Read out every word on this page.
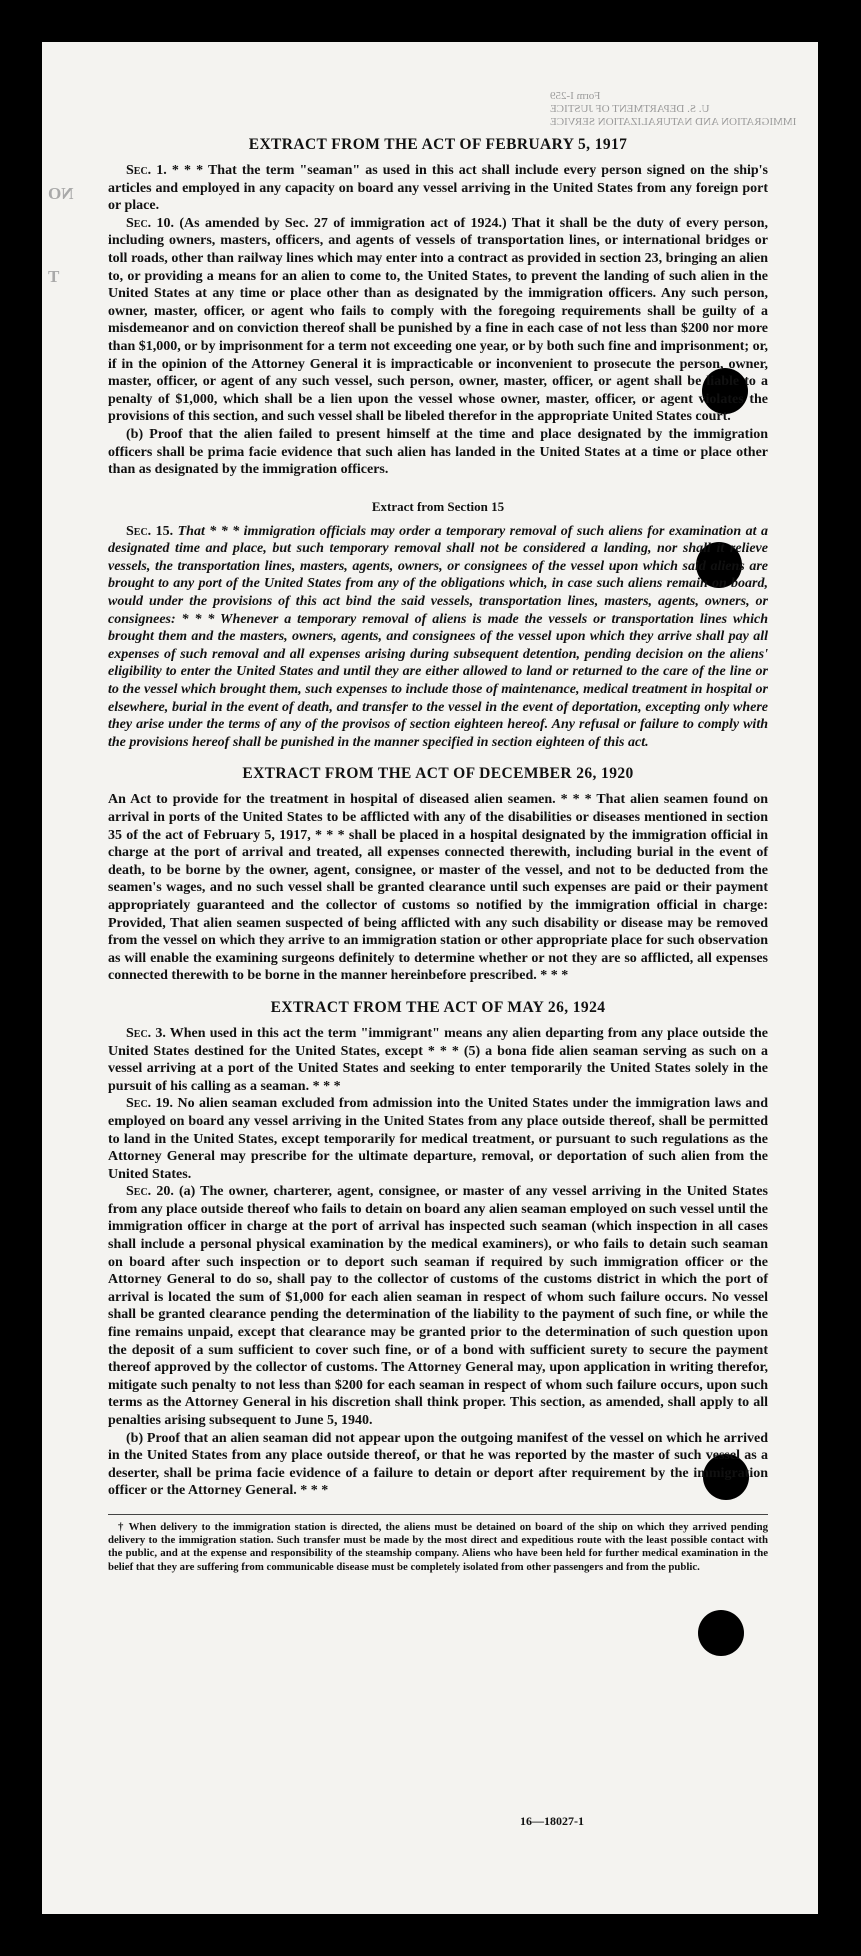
Form I-259
U. S. DEPARTMENT OF JUSTICE
IMMIGRATION AND NATURALIZATION SERVICE
NO
T
EXTRACT FROM THE ACT OF FEBRUARY 5, 1917

Sec. 1. * * * That the term "seaman" as used in this act shall include every person signed on the ship's articles and employed in any capacity on board any vessel arriving in the United States from any foreign port or place.

Sec. 10. (As amended by Sec. 27 of immigration act of 1924.) That it shall be the duty of every person, including owners, masters, officers, and agents of vessels of transportation lines, or international bridges or toll roads, other than railway lines which may enter into a contract as provided in section 23, bringing an alien to, or providing a means for an alien to come to, the United States, to prevent the landing of such alien in the United States at any time or place other than as designated by the immigration officers. Any such person, owner, master, officer, or agent who fails to comply with the foregoing requirements shall be guilty of a misdemeanor and on conviction thereof shall be punished by a fine in each case of not less than $200 nor more than $1,000, or by imprisonment for a term not exceeding one year, or by both such fine and imprisonment; or, if in the opinion of the Attorney General it is impracticable or inconvenient to prosecute the person, owner, master, officer, or agent of any such vessel, such person, owner, master, officer, or agent shall be liable to a penalty of $1,000, which shall be a lien upon the vessel whose owner, master, officer, or agent violates the provisions of this section, and such vessel shall be libeled therefor in the appropriate United States court.

(b) Proof that the alien failed to present himself at the time and place designated by the immigration officers shall be prima facie evidence that such alien has landed in the United States at a time or place other than as designated by the immigration officers.

Extract from Section 15

Sec. 15. That * * * immigration officials may order a temporary removal of such aliens for examination at a designated time and place, but such temporary removal shall not be considered a landing, nor shall it relieve vessels, the transportation lines, masters, agents, owners, or consignees of the vessel upon which said aliens are brought to any port of the United States from any of the obligations which, in case such aliens remain on board, would under the provisions of this act bind the said vessels, transportation lines, masters, agents, owners, or consignees: * * * Whenever a temporary removal of aliens is made the vessels or transportation lines which brought them and the masters, owners, agents, and consignees of the vessel upon which they arrive shall pay all expenses of such removal and all expenses arising during subsequent detention, pending decision on the aliens' eligibility to enter the United States and until they are either allowed to land or returned to the care of the line or to the vessel which brought them, such expenses to include those of maintenance, medical treatment in hospital or elsewhere, burial in the event of death, and transfer to the vessel in the event of deportation, excepting only where they arise under the terms of any of the provisos of section eighteen hereof. Any refusal or failure to comply with the provisions hereof shall be punished in the manner specified in section eighteen of this act.

EXTRACT FROM THE ACT OF DECEMBER 26, 1920

An Act to provide for the treatment in hospital of diseased alien seamen. * * * That alien seamen found on arrival in ports of the United States to be afflicted with any of the disabilities or diseases mentioned in section 35 of the act of February 5, 1917, * * * shall be placed in a hospital designated by the immigration official in charge at the port of arrival and treated, all expenses connected therewith, including burial in the event of death, to be borne by the owner, agent, consignee, or master of the vessel, and not to be deducted from the seamen's wages, and no such vessel shall be granted clearance until such expenses are paid or their payment appropriately guaranteed and the collector of customs so notified by the immigration official in charge: Provided, That alien seamen suspected of being afflicted with any such disability or disease may be removed from the vessel on which they arrive to an immigration station or other appropriate place for such observation as will enable the examining surgeons definitely to determine whether or not they are so afflicted, all expenses connected therewith to be borne in the manner hereinbefore prescribed. * * *

EXTRACT FROM THE ACT OF MAY 26, 1924

Sec. 3. When used in this act the term "immigrant" means any alien departing from any place outside the United States destined for the United States, except * * * (5) a bona fide alien seaman serving as such on a vessel arriving at a port of the United States and seeking to enter temporarily the United States solely in the pursuit of his calling as a seaman. * * *

Sec. 19. No alien seaman excluded from admission into the United States under the immigration laws and employed on board any vessel arriving in the United States from any place outside thereof, shall be permitted to land in the United States, except temporarily for medical treatment, or pursuant to such regulations as the Attorney General may prescribe for the ultimate departure, removal, or deportation of such alien from the United States.

Sec. 20. (a) The owner, charterer, agent, consignee, or master of any vessel arriving in the United States from any place outside thereof who fails to detain on board any alien seaman employed on such vessel until the immigration officer in charge at the port of arrival has inspected such seaman (which inspection in all cases shall include a personal physical examination by the medical examiners), or who fails to detain such seaman on board after such inspection or to deport such seaman if required by such immigration officer or the Attorney General to do so, shall pay to the collector of customs of the customs district in which the port of arrival is located the sum of $1,000 for each alien seaman in respect of whom such failure occurs. No vessel shall be granted clearance pending the determination of the liability to the payment of such fine, or while the fine remains unpaid, except that clearance may be granted prior to the determination of such question upon the deposit of a sum sufficient to cover such fine, or of a bond with sufficient surety to secure the payment thereof approved by the collector of customs. The Attorney General may, upon application in writing therefor, mitigate such penalty to not less than $200 for each seaman in respect of whom such failure occurs, upon such terms as the Attorney General in his discretion shall think proper. This section, as amended, shall apply to all penalties arising subsequent to June 5, 1940.

(b) Proof that an alien seaman did not appear upon the outgoing manifest of the vessel on which he arrived in the United States from any place outside thereof, or that he was reported by the master of such vessel as a deserter, shall be prima facie evidence of a failure to detain or deport after requirement by the immigration officer or the Attorney General. * * *

† When delivery to the immigration station is directed, the aliens must be detained on board of the ship on which they arrived pending delivery to the immigration station. Such transfer must be made by the most direct and expeditious route with the least possible contact with the public, and at the expense and responsibility of the steamship company. Aliens who have been held for further medical examination in the belief that they are suffering from communicable disease must be completely isolated from other passengers and from the public.

16—18027-1
